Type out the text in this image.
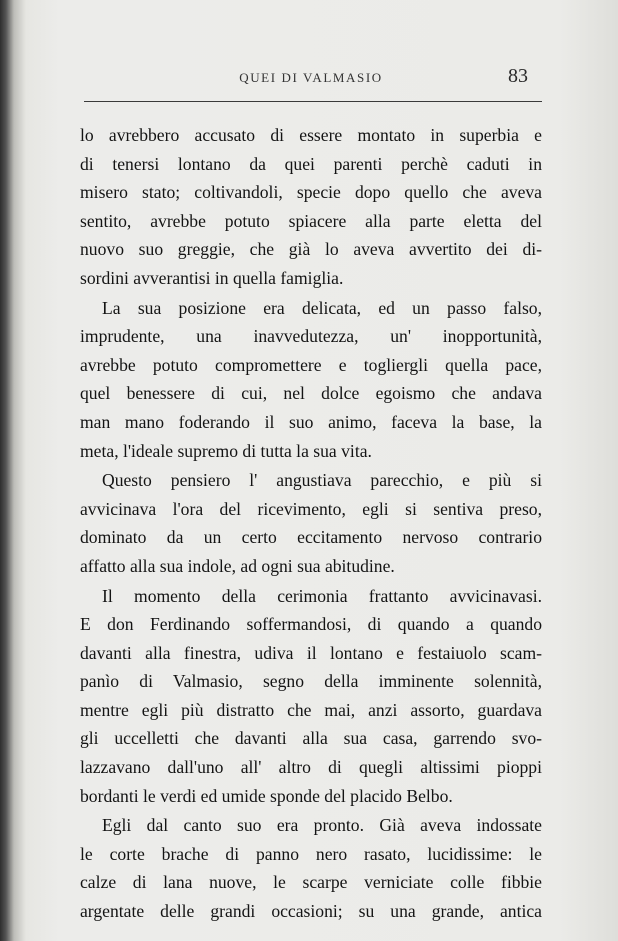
QUEI DI VALMASIO	83

lo avrebbero accusato di essere montato in superbia e
di tenersi lontano da quei parenti perchè caduti in
misero stato; coltivandoli, specie dopo quello che aveva
sentito, avrebbe potuto spiacere alla parte eletta del
nuovo suo greggie, che già lo aveva avvertito dei di-
sordini avverantisi in quella famiglia.

La sua posizione era delicata, ed un passo falso,
imprudente, una inavvedutezza, un' inopportunità,
avrebbe potuto compromettere e togliergli quella pace,
quel benessere di cui, nel dolce egoismo che andava
man mano foderando il suo animo, faceva la base, la
meta, l'ideale supremo di tutta la sua vita.

Questo pensiero l' angustiava parecchio, e più si
avvicinava l'ora del ricevimento, egli si sentiva preso,
dominato da un certo eccitamento nervoso contrario
affatto alla sua indole, ad ogni sua abitudine.

Il momento della cerimonia frattanto avvicinavasi.
E don Ferdinando soffermandosi, di quando a quando
davanti alla finestra, udiva il lontano e festaiuolo scam-
panìo di Valmasio, segno della imminente solennità,
mentre egli più distratto che mai, anzi assorto, guardava
gli uccelletti che davanti alla sua casa, garrendo svo-
lazzavano dall'uno all' altro di quegli altissimi pioppi
bordanti le verdi ed umide sponde del placido Belbo.

Egli dal canto suo era pronto. Già aveva indossate
le corte brache di panno nero rasato, lucidissime: le
calze di lana nuove, le scarpe verniciate colle fibbie
argentate delle grandi occasioni; su una grande, antica
